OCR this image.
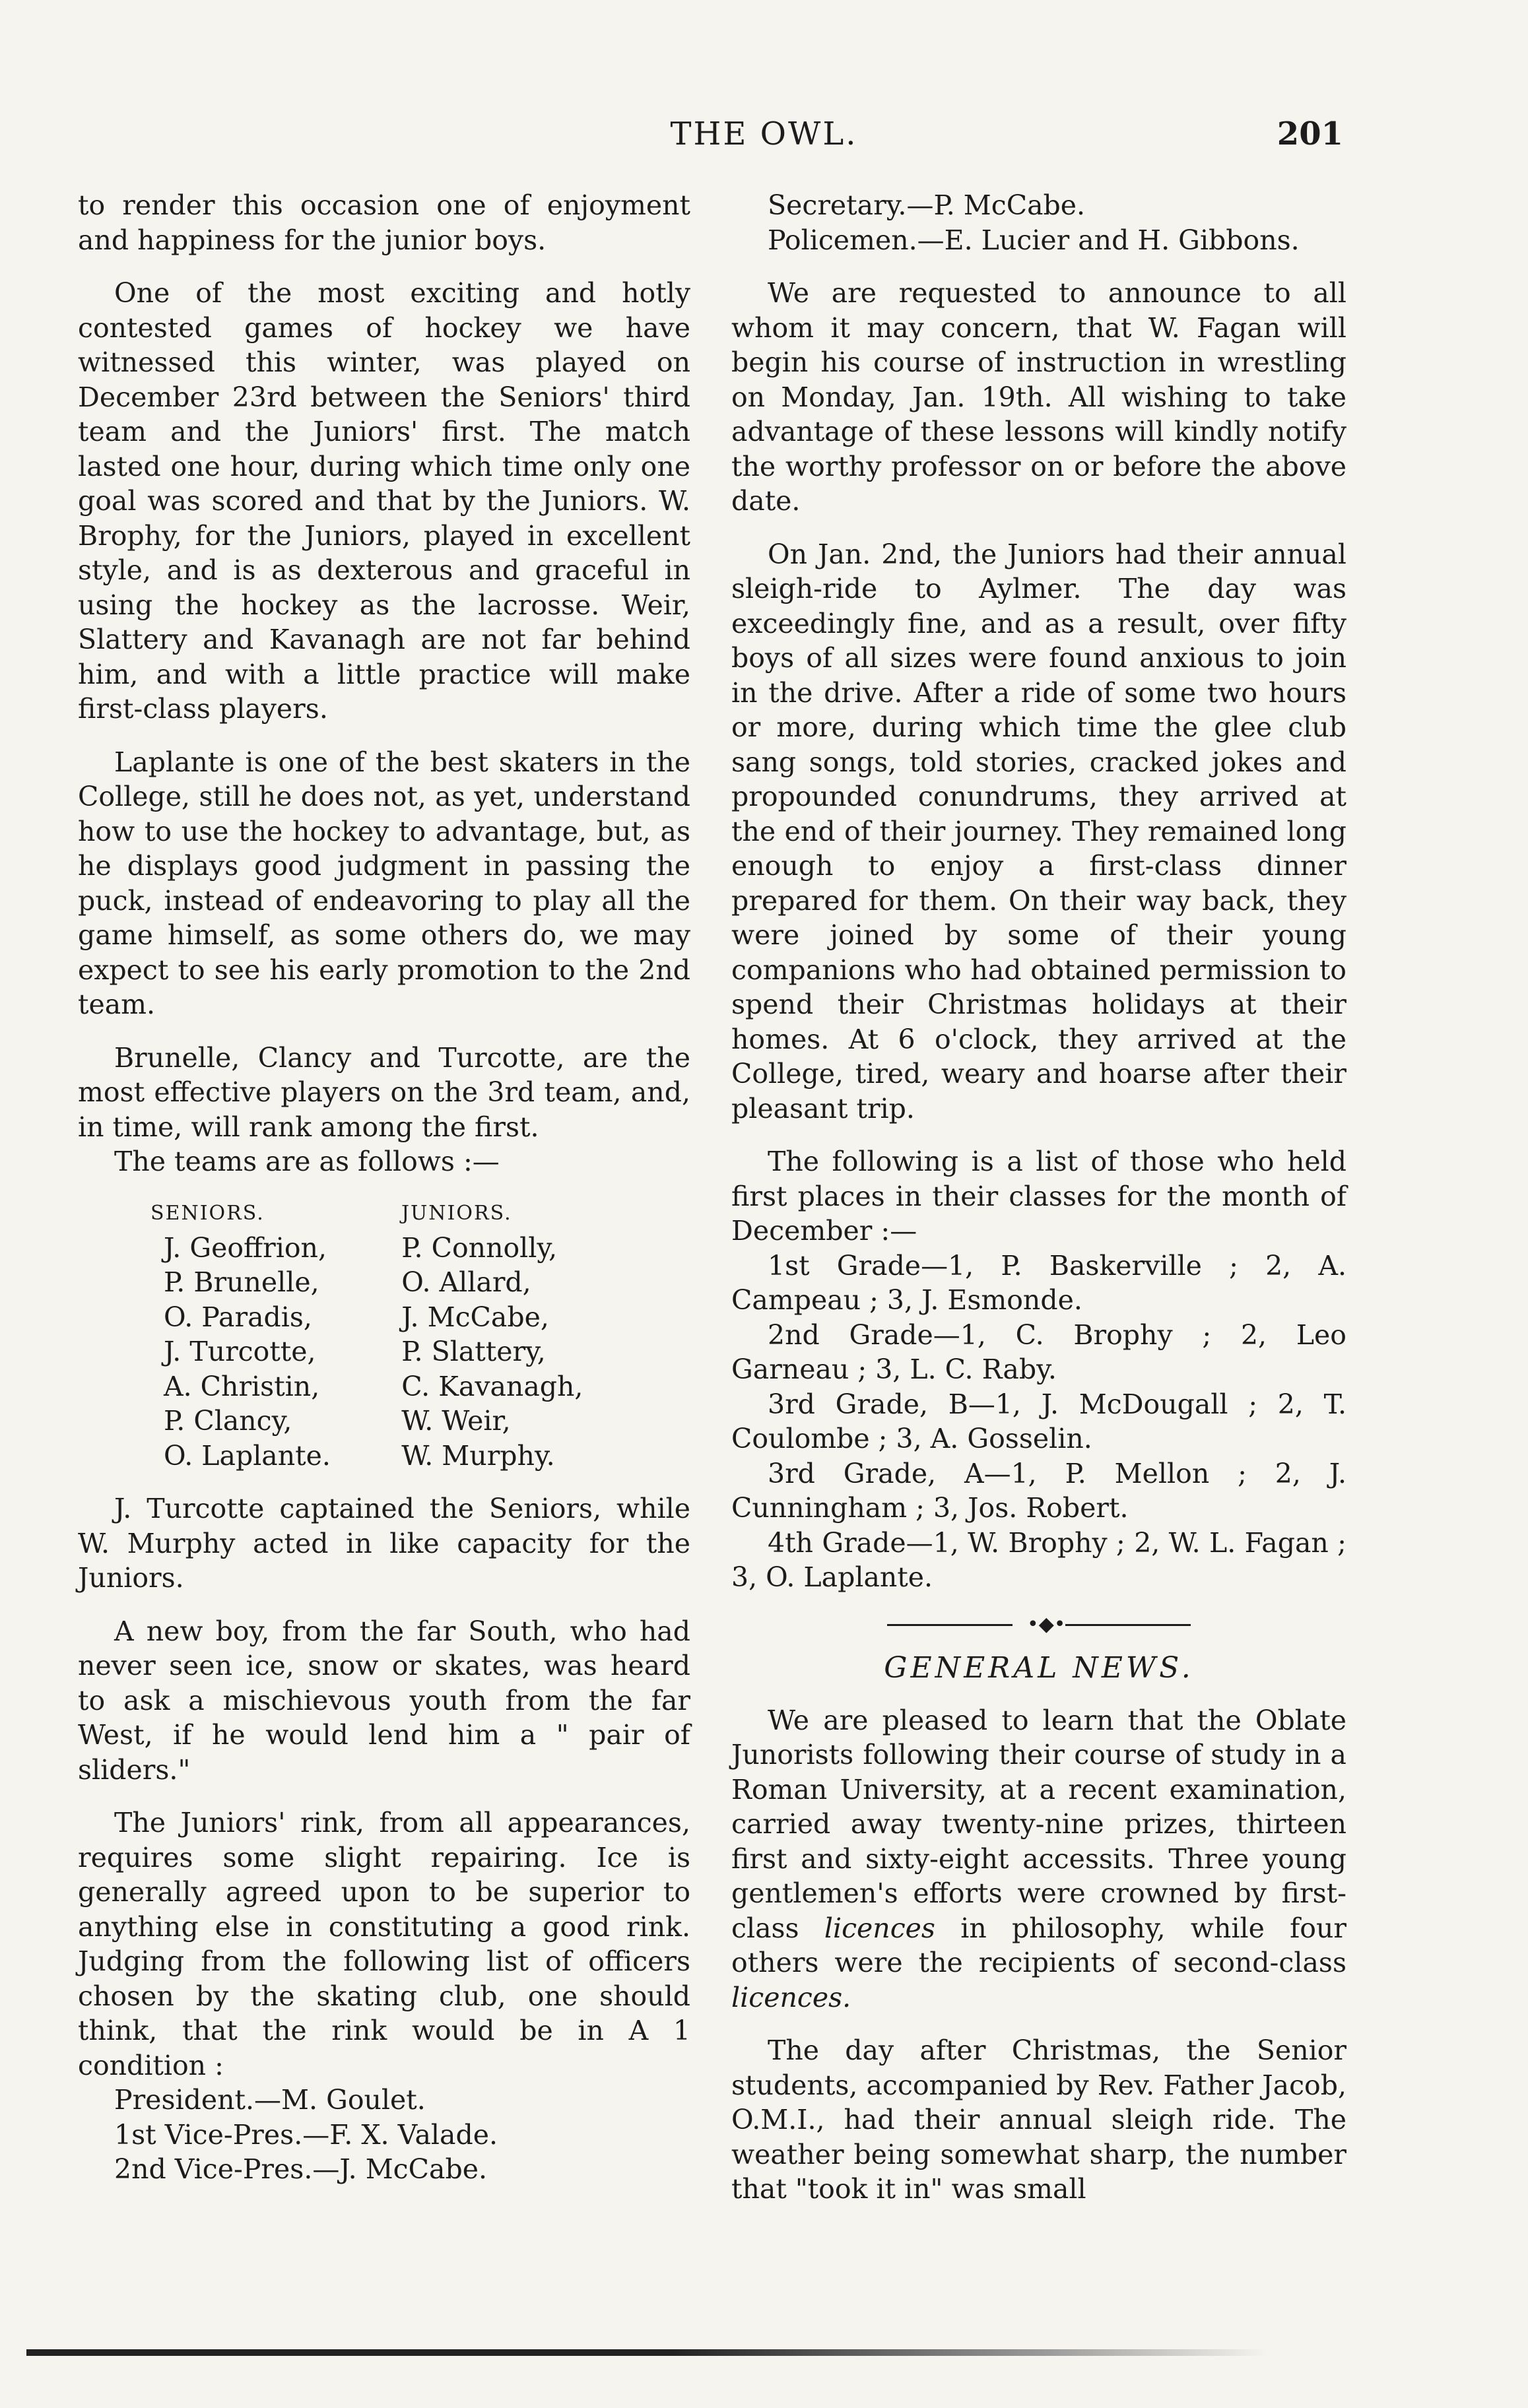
THE OWL.	201

to render this occasion one of enjoyment and happiness for the junior boys.

One of the most exciting and hotly contested games of hockey we have witnessed this winter, was played on December 23rd between the Seniors' third team and the Juniors' first. The match lasted one hour, during which time only one goal was scored and that by the Juniors. W. Brophy, for the Juniors, played in excellent style, and is as dexterous and graceful in using the hockey as the lacrosse. Weir, Slattery and Kavanagh are not far behind him, and with a little practice will make first-class players.

Laplante is one of the best skaters in the College, still he does not, as yet, understand how to use the hockey to advantage, but, as he displays good judgment in passing the puck, instead of endeavoring to play all the game himself, as some others do, we may expect to see his early promotion to the 2nd team.

Brunelle, Clancy and Turcotte, are the most effective players on the 3rd team, and, in time, will rank among the first.

The teams are as follows :—

SENIORS.	JUNIORS.
J. Geoffrion,	P. Connolly,
P. Brunelle,	O. Allard,
O. Paradis,	J. McCabe,
J. Turcotte,	P. Slattery,
A. Christin,	C. Kavanagh,
P. Clancy,	W. Weir,
O. Laplante.	W. Murphy.

J. Turcotte captained the Seniors, while W. Murphy acted in like capacity for the Juniors.

A new boy, from the far South, who had never seen ice, snow or skates, was heard to ask a mischievous youth from the far West, if he would lend him a " pair of sliders."

The Juniors' rink, from all appearances, requires some slight repairing. Ice is generally agreed upon to be superior to anything else in constituting a good rink. Judging from the following list of officers chosen by the skating club, one should think, that the rink would be in A 1 condition :

President.—M. Goulet.

1st Vice-Pres.—F. X. Valade.

2nd Vice-Pres.—J. McCabe.

Secretary.—P. McCabe.

Policemen.—E. Lucier and H. Gibbons.

We are requested to announce to all whom it may concern, that W. Fagan will begin his course of instruction in wrestling on Monday, Jan. 19th. All wishing to take advantage of these lessons will kindly notify the worthy professor on or before the above date.

On Jan. 2nd, the Juniors had their annual sleigh-ride to Aylmer. The day was exceedingly fine, and as a result, over fifty boys of all sizes were found anxious to join in the drive. After a ride of some two hours or more, during which time the glee club sang songs, told stories, cracked jokes and propounded conundrums, they arrived at the end of their journey. They remained long enough to enjoy a first-class dinner prepared for them. On their way back, they were joined by some of their young companions who had obtained permission to spend their Christmas holidays at their homes. At 6 o'clock, they arrived at the College, tired, weary and hoarse after their pleasant trip.

The following is a list of those who held first places in their classes for the month of December :—

1st Grade—1, P. Baskerville ; 2, A. Campeau ; 3, J. Esmonde.

2nd Grade—1, C. Brophy ; 2, Leo Garneau ; 3, L. C. Raby.

3rd Grade, B—1, J. McDougall ; 2, T. Coulombe ; 3, A. Gosselin.

3rd Grade, A—1, P. Mellon ; 2, J. Cunningham ; 3, Jos. Robert.

4th Grade—1, W. Brophy ; 2, W. L. Fagan ; 3, O. Laplante.

•◆•
GENERAL NEWS.

We are pleased to learn that the Oblate Junorists following their course of study in a Roman University, at a recent examination, carried away twenty-nine prizes, thirteen first and sixty-eight accessits. Three young gentlemen's efforts were crowned by first-class licences in philosophy, while four others were the recipients of second-class licences.

The day after Christmas, the Senior students, accompanied by Rev. Father Jacob, O.M.I., had their annual sleigh ride. The weather being somewhat sharp, the number that "took it in" was small
